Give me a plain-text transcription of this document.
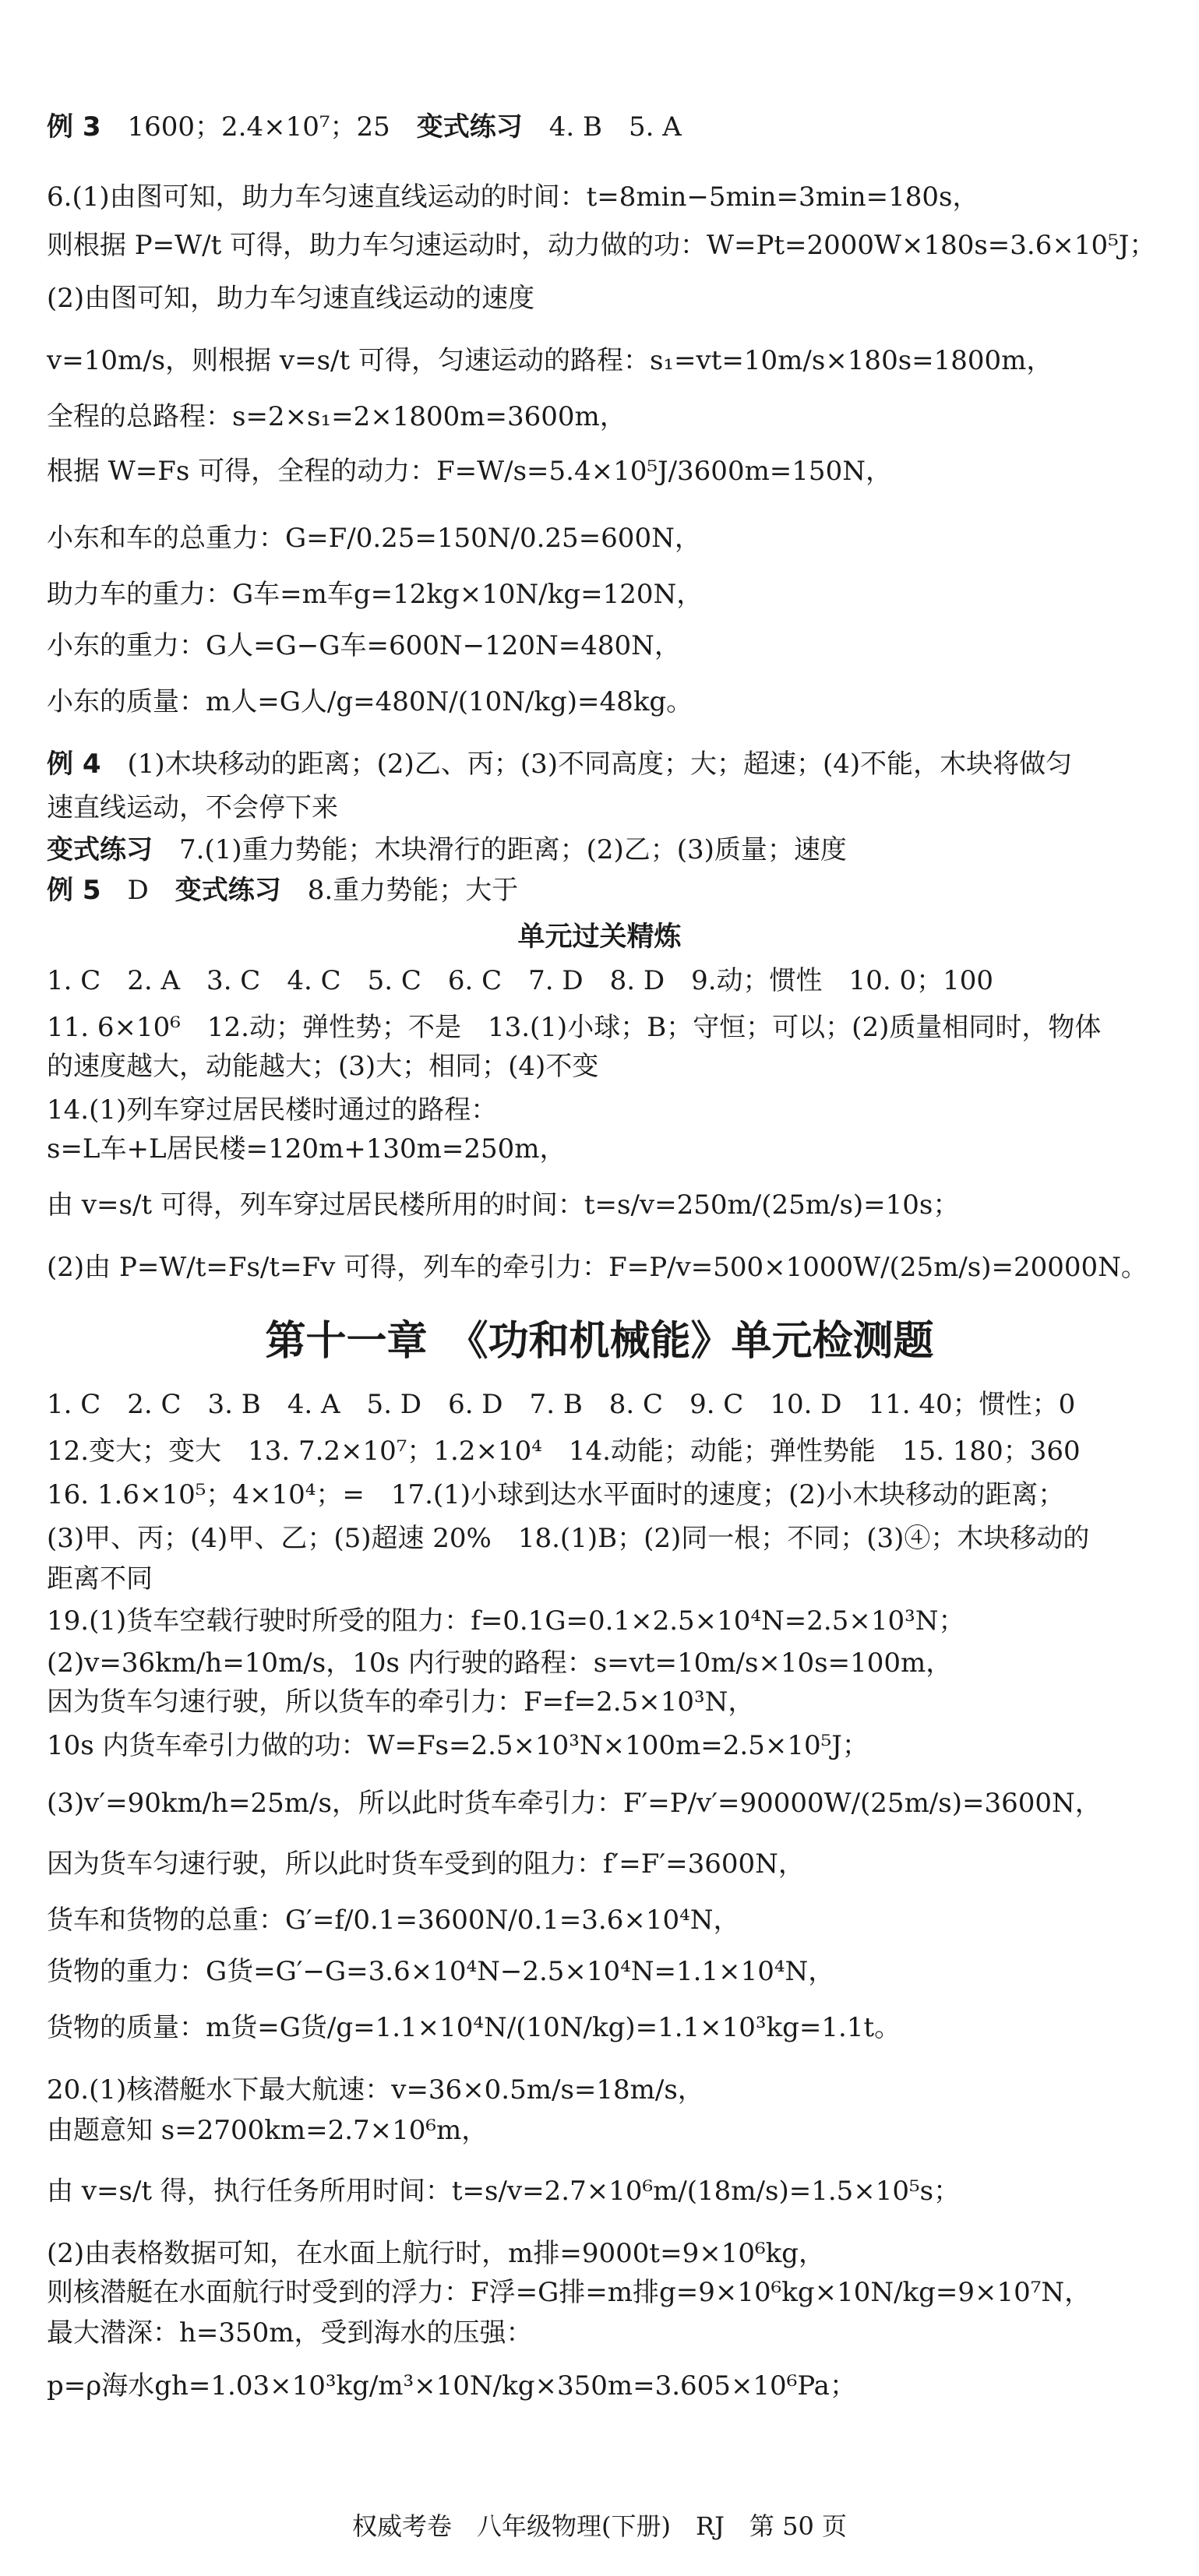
例 3　1600；2.4×10⁷；25　变式练习　4. B　5. A
6.(1)由图可知，助力车匀速直线运动的时间：t=8min−5min=3min=180s，
则根据 P=W/t 可得，助力车匀速运动时，动力做的功：W=Pt=2000W×180s=3.6×10⁵J；
(2)由图可知，助力车匀速直线运动的速度
v=10m/s，则根据 v=s/t 可得，匀速运动的路程：s₁=vt=10m/s×180s=1800m，
全程的总路程：s=2×s₁=2×1800m=3600m，
根据 W=Fs 可得，全程的动力：F=W/s=5.4×10⁵J/3600m=150N，
小东和车的总重力：G=F/0.25=150N/0.25=600N，
助力车的重力：G车=m车g=12kg×10N/kg=120N，
小东的重力：G人=G−G车=600N−120N=480N，
小东的质量：m人=G人/g=480N/(10N/kg)=48kg。
例 4　(1)木块移动的距离；(2)乙、丙；(3)不同高度；大；超速；(4)不能，木块将做匀
速直线运动，不会停下来
变式练习　7.(1)重力势能；木块滑行的距离；(2)乙；(3)质量；速度
例 5　D　变式练习　8.重力势能；大于
单元过关精炼
1. C　2. A　3. C　4. C　5. C　6. C　7. D　8. D　9.动；惯性　10. 0；100
11. 6×10⁶　12.动；弹性势；不是　13.(1)小球；B；守恒；可以；(2)质量相同时，物体
的速度越大，动能越大；(3)大；相同；(4)不变
14.(1)列车穿过居民楼时通过的路程：
s=L车+L居民楼=120m+130m=250m，
由 v=s/t 可得，列车穿过居民楼所用的时间：t=s/v=250m/(25m/s)=10s；
(2)由 P=W/t=Fs/t=Fv 可得，列车的牵引力：F=P/v=500×1000W/(25m/s)=20000N。
第十一章　《功和机械能》单元检测题
1. C　2. C　3. B　4. A　5. D　6. D　7. B　8. C　9. C　10. D　11. 40；惯性；0
12.变大；变大　13. 7.2×10⁷；1.2×10⁴　14.动能；动能；弹性势能　15. 180；360
16. 1.6×10⁵；4×10⁴；=　17.(1)小球到达水平面时的速度；(2)小木块移动的距离；
(3)甲、丙；(4)甲、乙；(5)超速 20%　18.(1)B；(2)同一根；不同；(3)④；木块移动的
距离不同
19.(1)货车空载行驶时所受的阻力：f=0.1G=0.1×2.5×10⁴N=2.5×10³N；
(2)v=36km/h=10m/s，10s 内行驶的路程：s=vt=10m/s×10s=100m，
因为货车匀速行驶，所以货车的牵引力：F=f=2.5×10³N，
10s 内货车牵引力做的功：W=Fs=2.5×10³N×100m=2.5×10⁵J；
(3)v′=90km/h=25m/s，所以此时货车牵引力：F′=P/v′=90000W/(25m/s)=3600N，
因为货车匀速行驶，所以此时货车受到的阻力：f′=F′=3600N，
货车和货物的总重：G′=f/0.1=3600N/0.1=3.6×10⁴N，
货物的重力：G货=G′−G=3.6×10⁴N−2.5×10⁴N=1.1×10⁴N，
货物的质量：m货=G货/g=1.1×10⁴N/(10N/kg)=1.1×10³kg=1.1t。
20.(1)核潜艇水下最大航速：v=36×0.5m/s=18m/s，
由题意知 s=2700km=2.7×10⁶m，
由 v=s/t 得，执行任务所用时间：t=s/v=2.7×10⁶m/(18m/s)=1.5×10⁵s；
(2)由表格数据可知，在水面上航行时，m排=9000t=9×10⁶kg，
则核潜艇在水面航行时受到的浮力：F浮=G排=m排g=9×10⁶kg×10N/kg=9×10⁷N，
最大潜深：h=350m，受到海水的压强：
p=ρ海水gh=1.03×10³kg/m³×10N/kg×350m=3.605×10⁶Pa；
权威考卷　八年级物理(下册)　RJ　第 50 页
